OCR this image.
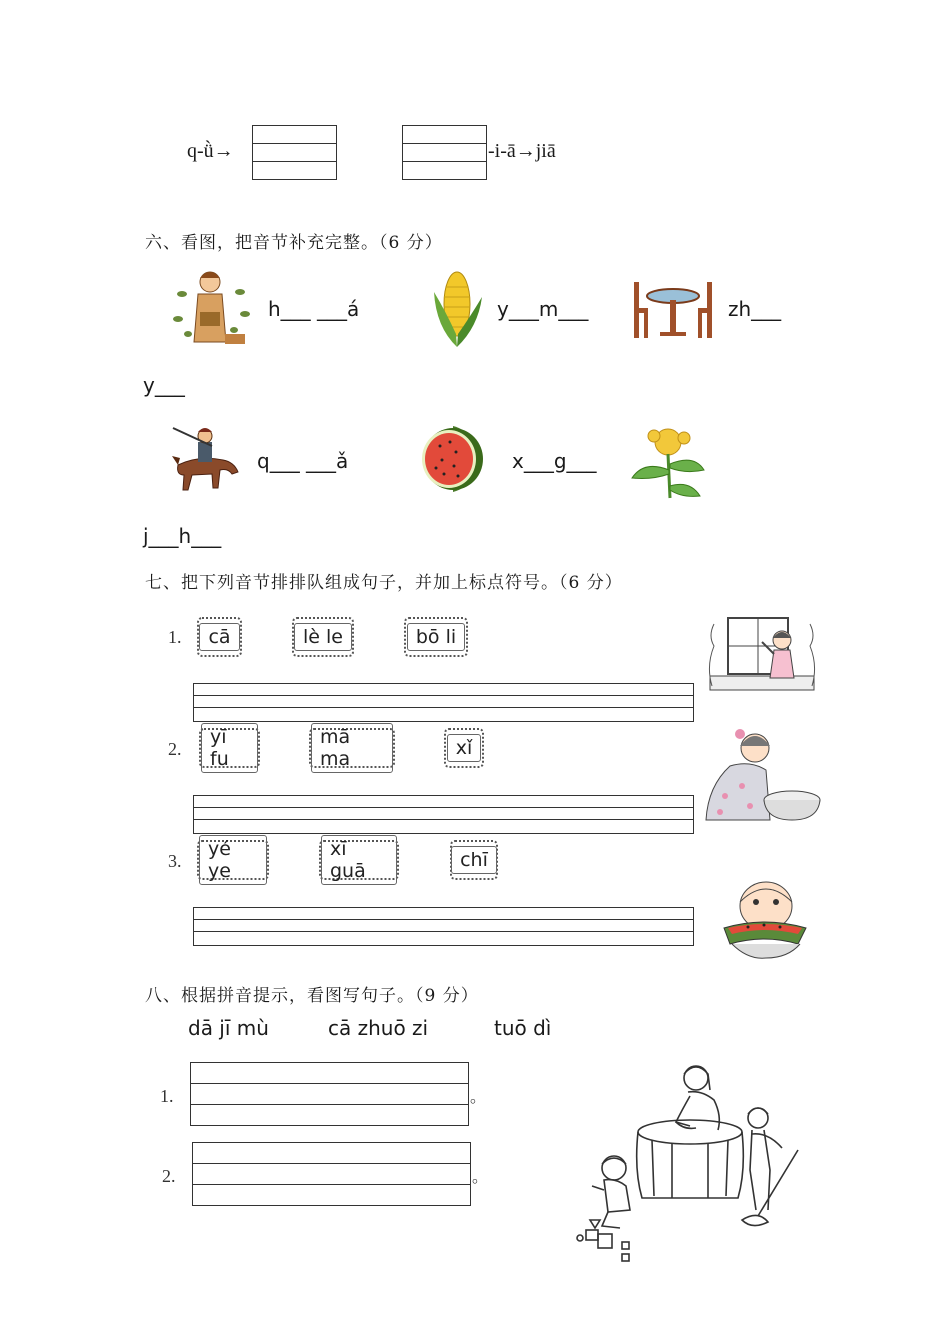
q-ǜ→	-i-ā→jiā
六、看图，把音节补充完整。（6 分）
h___ ___á	y___m___	zh___
y___
q___ ___ǎ	x___g___
j___h___
七、把下列音节排排队组成句子，并加上标点符号。（6 分）
1.	cā	lè le	bō li
2.
yī fu
mā ma	xǐ
3.
yé ye
xī guā	chī
八、根据拼音提示，看图写句子。（9 分）
dā jī mù	cā zhuō zi	tuō dì
1.	。
2.	。
